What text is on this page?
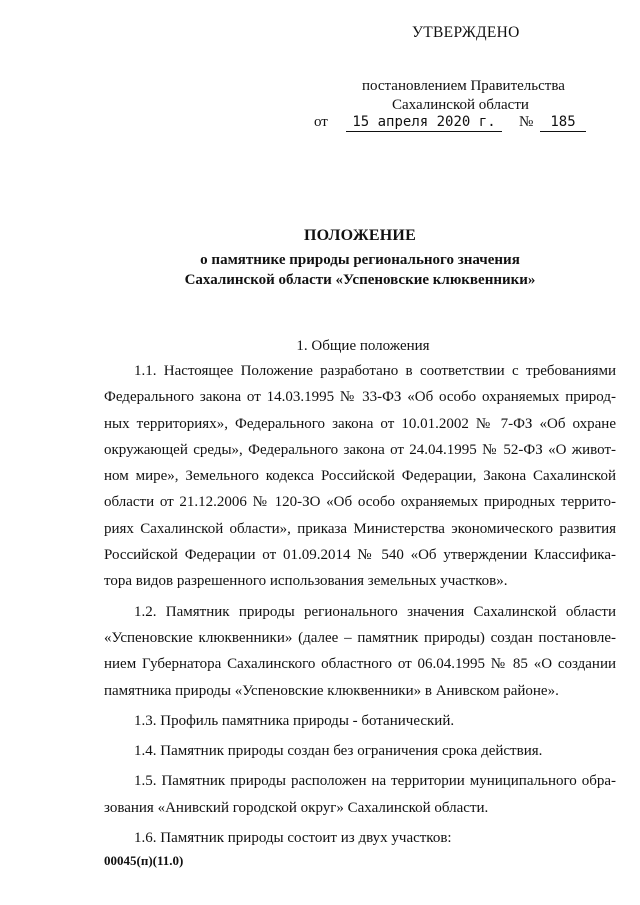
УТВЕРЖДЕНО
постановлением Правительства
Сахалинской области
от	15 апреля 2020 г.	№	185
ПОЛОЖЕНИЕ
о памятнике природы регионального значения
Сахалинской области «Успеновские клюквенники»
1. Общие положения
1.1. Настоящее Положение разработано в соответствии с требованиями
Федерального закона от 14.03.1995 № 33-ФЗ «Об особо охраняемых природ-
ных территориях», Федерального закона от 10.01.2002 № 7-ФЗ «Об охране
окружающей среды», Федерального закона от 24.04.1995 № 52-ФЗ «О живот-
ном мире», Земельного кодекса Российской Федерации, Закона Сахалинской
области от 21.12.2006 № 120-ЗО «Об особо охраняемых природных террито-
риях Сахалинской области», приказа Министерства экономического развития
Российской Федерации от 01.09.2014 № 540 «Об утверждении Классифика-
тора видов разрешенного использования земельных участков».
1.2. Памятник природы регионального значения Сахалинской области
«Успеновские клюквенники» (далее – памятник природы) создан постановле-
нием Губернатора Сахалинского областного от 06.04.1995 № 85 «О создании
памятника природы «Успеновские клюквенники» в Анивском районе».
1.3. Профиль памятника природы - ботанический.
1.4. Памятник природы создан без ограничения срока действия.
1.5. Памятник природы расположен на территории муниципального обра-
зования «Анивский городской округ» Сахалинской области.
1.6. Памятник природы состоит из двух участков:
00045(п)(11.0)
